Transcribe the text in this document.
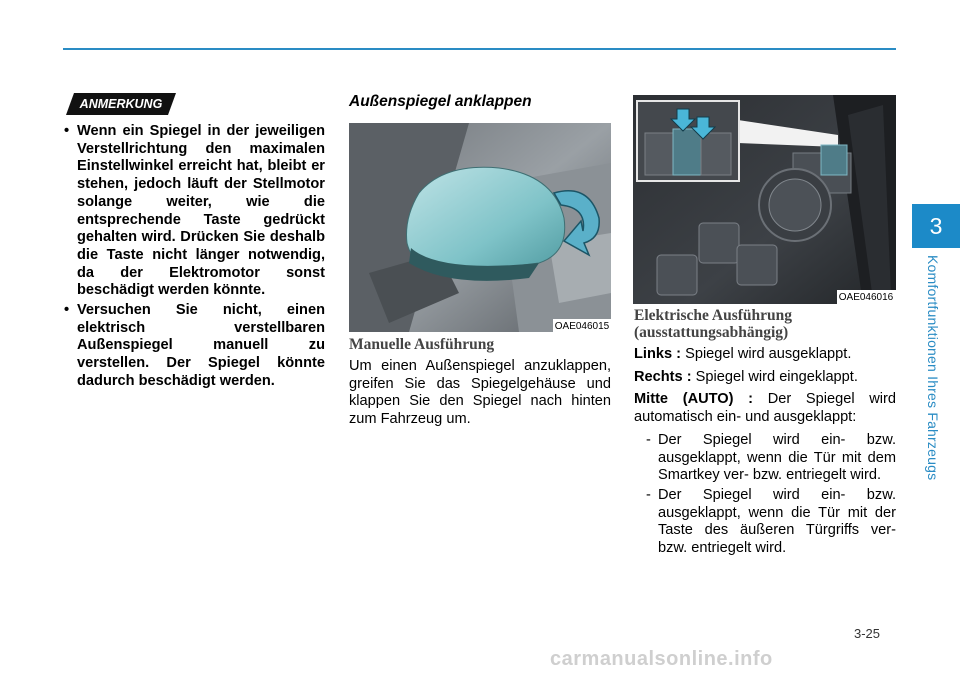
3
Komfortfunktionen Ihres Fahrzeugs
ANMERKUNG
• Wenn ein Spiegel in der jeweiligen Verstellrichtung den maximalen Einstellwinkel erreicht hat, bleibt er stehen, jedoch läuft der Stellmotor solange weiter, wie die entsprechende Taste gedrückt gehalten wird. Drücken Sie deshalb die Taste nicht länger notwendig, da der Elektromotor sonst beschädigt werden könnte.
• Versuchen Sie nicht, einen elektrisch verstellbaren Außenspiegel manuell zu verstellen. Der Spiegel könnte dadurch beschädigt werden.
Außenspiegel anklappen
OAE046015
Manuelle Ausführung
Um einen Außenspiegel anzuklappen, greifen Sie das Spiegelgehäuse und klappen Sie den Spiegel nach hinten zum Fahrzeug um.
OAE046016
Elektrische Ausführung
(ausstattungsabhängig)
Links : Spiegel wird ausgeklappt.
Rechts : Spiegel wird eingeklappt.
Mitte (AUTO) : Der Spiegel wird automatisch ein- und ausgeklappt:
- Der Spiegel wird ein- bzw. ausgeklappt, wenn die Tür mit dem Smartkey ver- bzw. entriegelt wird.
- Der Spiegel wird ein- bzw. ausgeklappt, wenn die Tür mit der Taste des äußeren Türgriffs ver- bzw. entriegelt wird.
3-25
carmanualsonline.info
